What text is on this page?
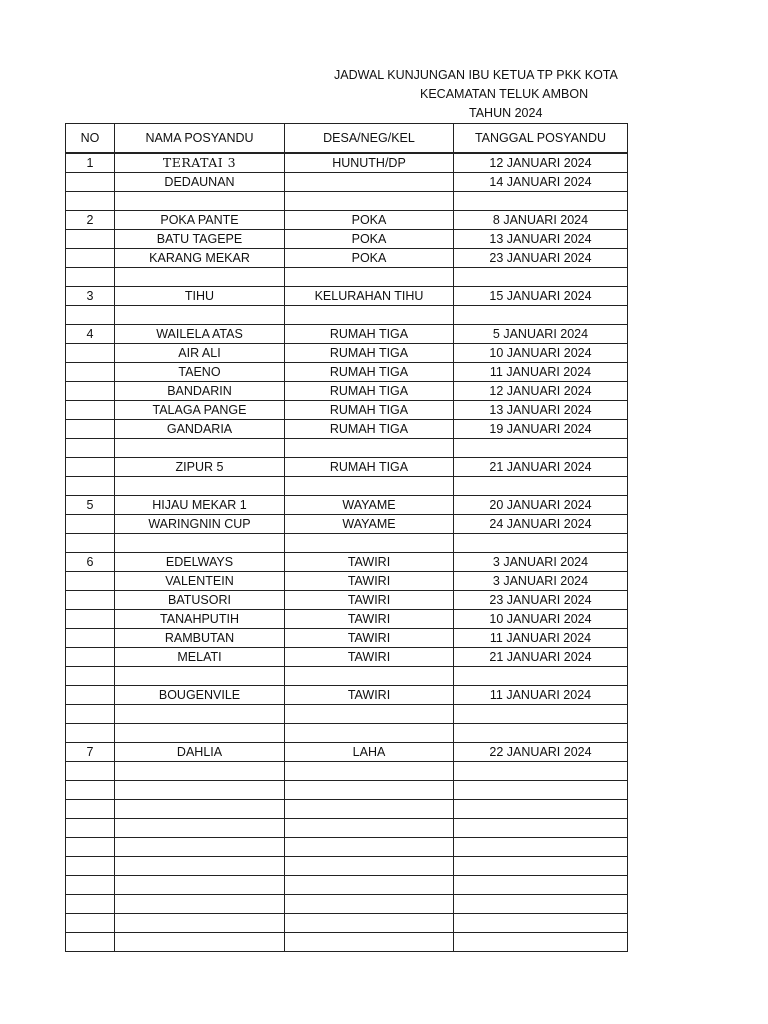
JADWAL KUNJUNGAN IBU KETUA TP PKK KOTA
KECAMATAN TELUK AMBON
TAHUN 2024
NO	NAMA POSYANDU	DESA/NEG/KEL	TANGGAL POSYANDU
1	TERATAI 3	HUNUTH/DP	12 JANUARI 2024
	DEDAUNAN		14 JANUARI 2024

2	POKA PANTE	POKA	8 JANUARI 2024
	BATU TAGEPE	POKA	13 JANUARI 2024
	KARANG MEKAR	POKA	23 JANUARI 2024

3	TIHU	KELURAHAN TIHU	15 JANUARI 2024

4	WAILELA ATAS	RUMAH TIGA	5 JANUARI 2024
	AIR ALI	RUMAH TIGA	10 JANUARI 2024
	TAENO	RUMAH TIGA	11 JANUARI 2024
	BANDARIN	RUMAH TIGA	12 JANUARI 2024
	TALAGA PANGE	RUMAH TIGA	13 JANUARI 2024
	GANDARIA	RUMAH TIGA	19 JANUARI 2024

	ZIPUR 5	RUMAH TIGA	21 JANUARI 2024

5	HIJAU MEKAR 1	WAYAME	20 JANUARI 2024
	WARINGNIN CUP	WAYAME	24 JANUARI 2024

6	EDELWAYS	TAWIRI	3 JANUARI 2024
	VALENTEIN	TAWIRI	3 JANUARI 2024
	BATUSORI	TAWIRI	23 JANUARI 2024
	TANAHPUTIH	TAWIRI	10 JANUARI 2024
	RAMBUTAN	TAWIRI	11 JANUARI 2024
	MELATI	TAWIRI	21 JANUARI 2024

	BOUGENVILE	TAWIRI	11 JANUARI 2024

7	DAHLIA	LAHA	22 JANUARI 2024
